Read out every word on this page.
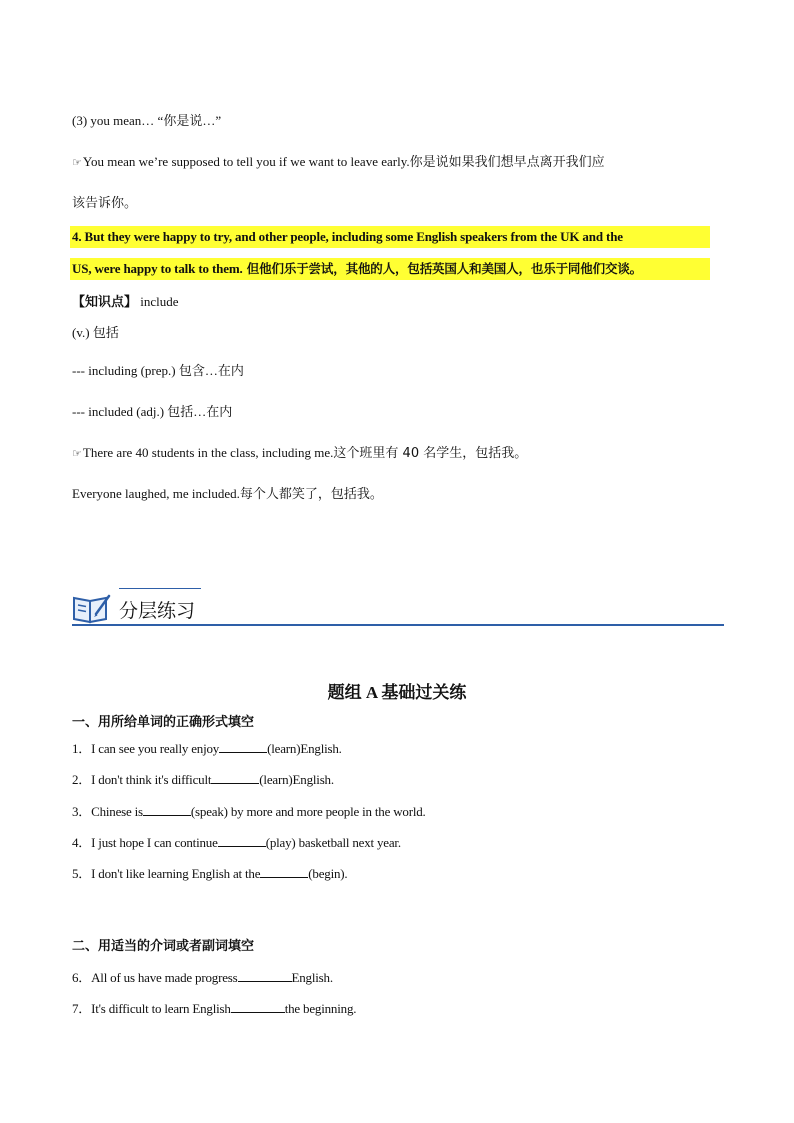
(3) you mean… “你是说…”
☞You mean we’re supposed to tell you if we want to leave early.你是说如果我们想早点离开我们应
该告诉你。
4. But they were happy to try, and other people, including some English speakers from the UK and the
US, were happy to talk to them. 但他们乐于尝试，其他的人，包括英国人和美国人，也乐于同他们交谈。
【知识点】 include
(v.) 包括
--- including (prep.) 包含…在内
--- included (adj.) 包括…在内
☞There are 40 students in the class, including me.这个班里有 40 名学生，包括我。
Everyone laughed, me included.每个人都笑了，包括我。
分层练习
题组 A 基础过关练
一、用所给单词的正确形式填空
1．I can see you really enjoy	(learn)English.
2．I don't think it's difficult	(learn)English.
3．Chinese is	(speak) by more and more people in the world.
4．I just hope I can continue	(play) basketball next year.
5．I don't like learning English at the	(begin).
二、用适当的介词或者副词填空
6．All of us have made progress	English.
7．It's difficult to learn English	the beginning.
